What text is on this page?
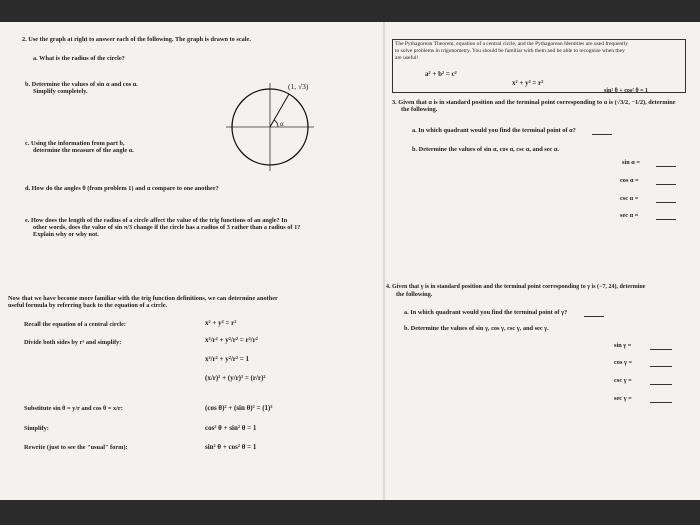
2. Use the graph at right to answer each of the following. The graph is drawn to scale.
a. What is the radius of the circle?
(1, √3)
α
b. Determine the values of sin α and cos α.
Simplify completely.
c. Using the information from part b,
determine the measure of the angle α.
d. How do the angles θ (from problem 1) and α compare to one another?
e. How does the length of the radius of a circle affect the value of the trig functions of an angle? In
other words, does the value of sin π/3 change if the circle has a radius of 3 rather than a radius of 1?
Explain why or why not.
Now that we have become more familiar with the trig function definitions, we can determine another
useful formula by referring back to the equation of a circle.
Recall the equation of a central circle:	x² + y² = r²
Divide both sides by r² and simplify:	x²/r² + y²/r² = r²/r²
x²/r² + y²/r² = 1
(x/r)² + (y/r)² = (r/r)²
Substitute sin θ = y/r and cos θ = x/r:	(cos θ)² + (sin θ)² = (1)²
Simplify:	cos² θ + sin² θ = 1
Rewrite (just to see the "usual" form):	sin² θ + cos² θ = 1
The Pythagorean Theorem, equation of a central circle, and the Pythagorean Identities are used frequently
to solve problems in trigonometry. You should be familiar with them and be able to recognize when they
are useful!
a² + b² = c²
x² + y² = r²
sin² θ + cos² θ = 1
3. Given that α is in standard position and the terminal point corresponding to α is (√3/2, −1/2), determine
the following.
a. In which quadrant would you find the terminal point of α?
b. Determine the values of sin α, cos α, csc α, and sec α.
sin α =
cos α =
csc α =
sec α =
4. Given that γ is in standard position and the terminal point corresponding to γ is (−7, 24), determine
the following.
a. In which quadrant would you find the terminal point of γ?
b. Determine the values of sin γ, cos γ, csc γ, and sec γ.
sin γ =
cos γ =
csc γ =
sec γ =
